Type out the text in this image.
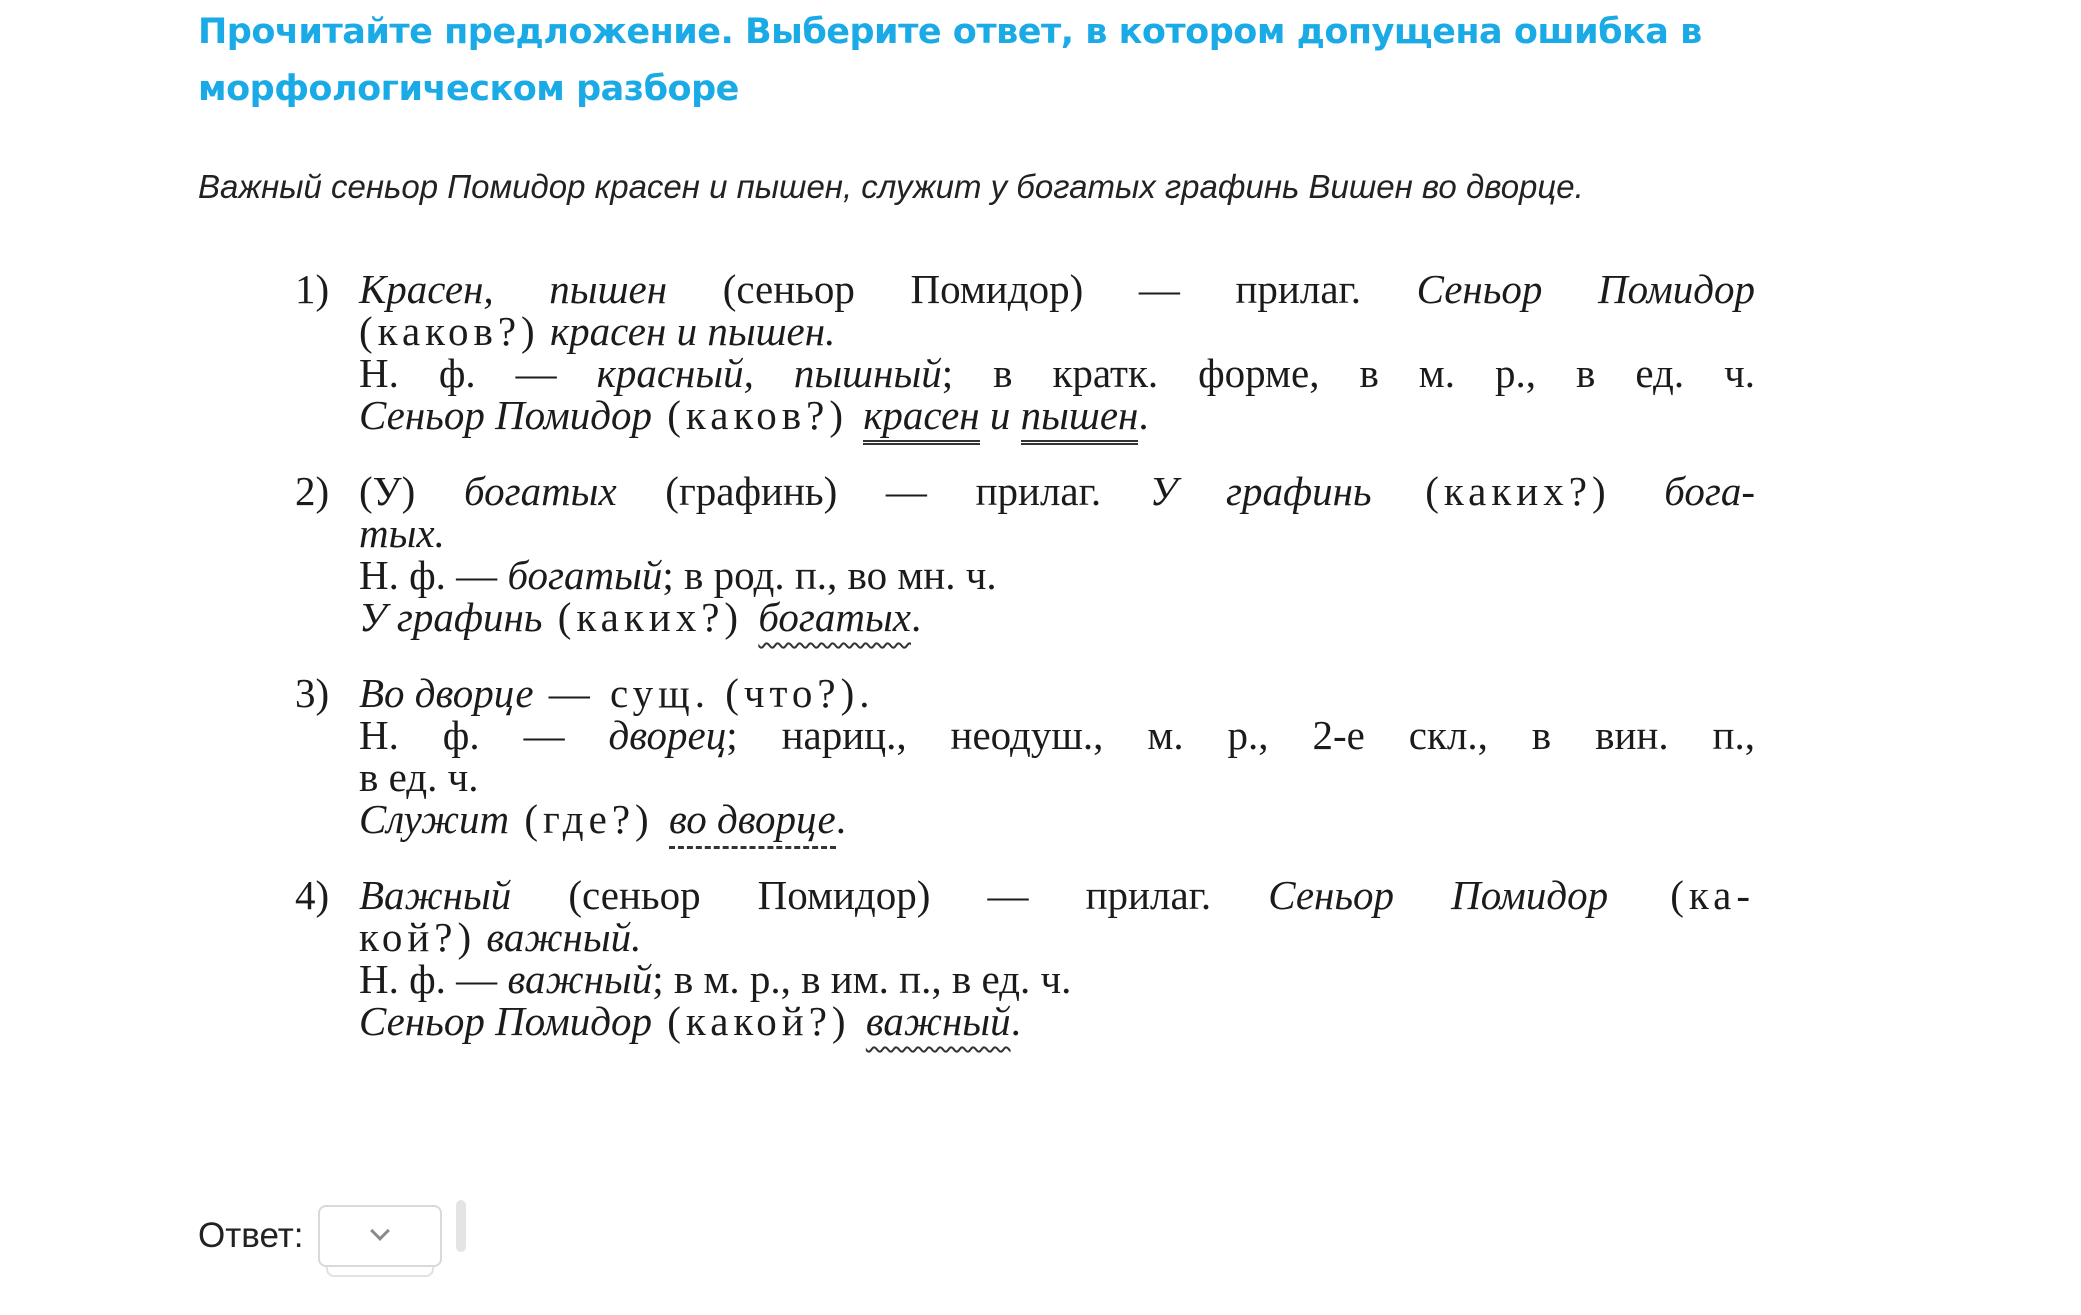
Прочитайте предложение. Выберите ответ, в котором допущена ошибка в морфологическом разборе

Важный сеньор Помидор красен и пышен, служит у богатых графинь Вишен во дворце.

1) Красен, пышен (сеньор Помидор) — прилаг. Сеньор Помидор
(каков?) красен и пышен.
Н. ф. — красный, пышный; в кратк. форме, в м. р., в ед. ч.
Сеньор Помидор (каков?) красен и пышен.
2) (У) богатых (графинь) — прилаг. У графинь (каких?) бога-
тых.
Н. ф. — богатый; в род. п., во мн. ч.
У графинь (каких?) богатых.
3) Во дворце — сущ. (что?).
Н. ф. — дворец; нариц., неодуш., м. р., 2-е скл., в вин. п.,
в ед. ч.
Служит (где?) во дворце.
4) Важный (сеньор Помидор) — прилаг. Сеньор Помидор (ка-
кой?) важный.
Н. ф. — важный; в м. р., в им. п., в ед. ч.
Сеньор Помидор (какой?) важный.
Ответ:
